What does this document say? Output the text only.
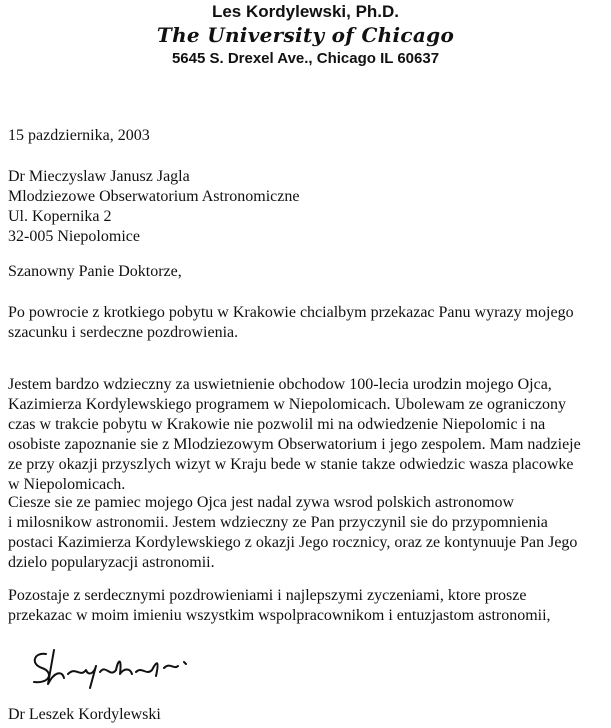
Les Kordylewski, Ph.D.
The University of Chicago
5645 S. Drexel Ave., Chicago IL 60637
15 pazdziernika, 2003
Dr Mieczyslaw Janusz Jagla
Mlodziezowe Obserwatorium Astronomiczne
Ul. Kopernika 2
32-005 Niepolomice
Szanowny Panie Doktorze,
Po powrocie z krotkiego pobytu w Krakowie chcialbym przekazac Panu wyrazy mojego
szacunku i serdeczne pozdrowienia.
Jestem bardzo wdzieczny za uswietnienie obchodow 100-lecia urodzin mojego Ojca,
Kazimierza Kordylewskiego programem w Niepolomicach. Ubolewam ze ograniczony
czas w trakcie pobytu w Krakowie nie pozwolil mi na odwiedzenie Niepolomic i na
osobiste zapoznanie sie z Mlodziezowym Obserwatorium i jego zespolem. Mam nadzieje
ze przy okazji przyszlych wizyt w Kraju bede w stanie takze odwiedzic wasza placowke
w Niepolomicach.
Ciesze sie ze pamiec mojego Ojca jest nadal zywa wsrod polskich astronomow
i milosnikow astronomii. Jestem wdzieczny ze Pan przyczynil sie do przypomnienia
postaci Kazimierza Kordylewskiego z okazji Jego rocznicy, oraz ze kontynuuje Pan Jego
dzielo popularyzacji astronomii.
Pozostaje z serdecznymi pozdrowieniami i najlepszymi zyczeniami, ktore prosze
przekazac w moim imieniu wszystkim wspolpracownikom i entuzjastom astronomii,
Dr Leszek Kordylewski
